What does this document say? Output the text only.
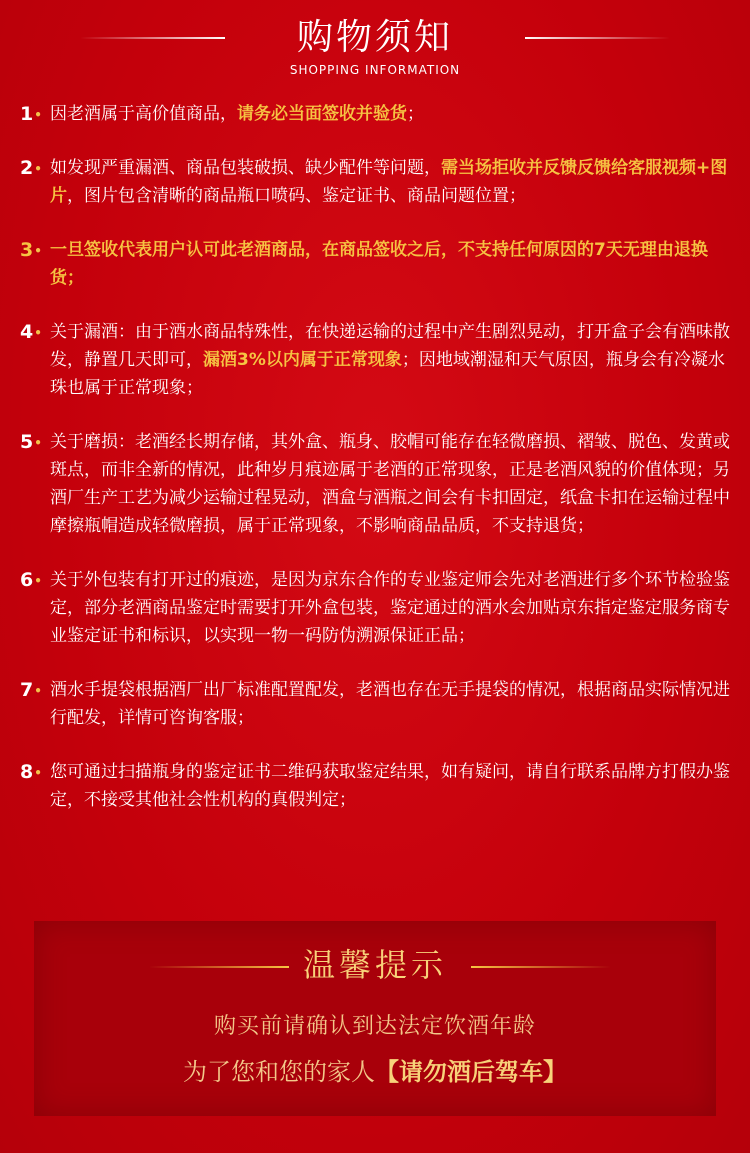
购物须知
SHOPPING INFORMATION
1• 因老酒属于高价值商品，请务必当面签收并验货；
2• 如发现严重漏酒、商品包装破损、缺少配件等问题，需当场拒收并反馈反馈给客服视频+图片，图片包含清晰的商品瓶口喷码、鉴定证书、商品问题位置；
3• 一旦签收代表用户认可此老酒商品，在商品签收之后，不支持任何原因的7天无理由退换货；
4• 关于漏酒：由于酒水商品特殊性，在快递运输的过程中产生剧烈晃动，打开盒子会有酒味散发，静置几天即可，漏酒3%以内属于正常现象；因地域潮湿和天气原因，瓶身会有冷凝水珠也属于正常现象；
5• 关于磨损：老酒经长期存储，其外盒、瓶身、胶帽可能存在轻微磨损、褶皱、脱色、发黄或斑点，而非全新的情况，此种岁月痕迹属于老酒的正常现象，正是老酒风貌的价值体现；另酒厂生产工艺为减少运输过程晃动，酒盒与酒瓶之间会有卡扣固定，纸盒卡扣在运输过程中摩擦瓶帽造成轻微磨损，属于正常现象，不影响商品品质，不支持退货；
6• 关于外包装有打开过的痕迹，是因为京东合作的专业鉴定师会先对老酒进行多个环节检验鉴定，部分老酒商品鉴定时需要打开外盒包装，鉴定通过的酒水会加贴京东指定鉴定服务商专业鉴定证书和标识，以实现一物一码防伪溯源保证正品；
7• 酒水手提袋根据酒厂出厂标准配置配发，老酒也存在无手提袋的情况，根据商品实际情况进行配发，详情可咨询客服；
8• 您可通过扫描瓶身的鉴定证书二维码获取鉴定结果，如有疑问，请自行联系品牌方打假办鉴定，不接受其他社会性机构的真假判定；
温馨提示
购买前请确认到达法定饮酒年龄
为了您和您的家人【请勿酒后驾车】
